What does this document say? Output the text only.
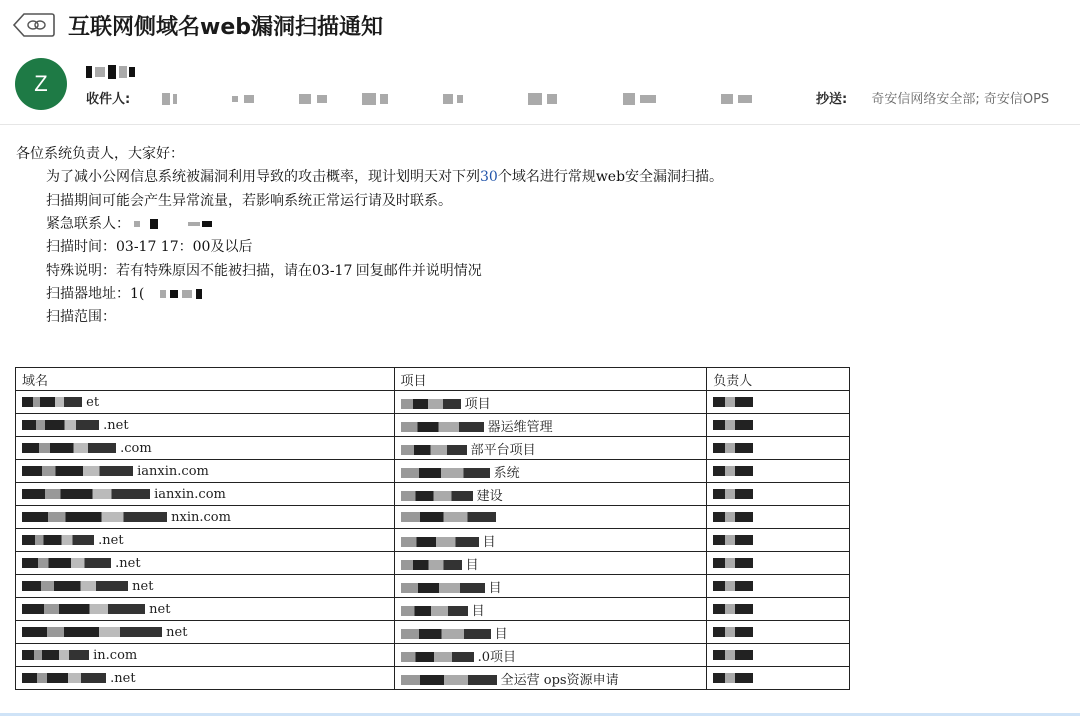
互联网侧域名web漏洞扫描通知
Z
收件人:
	抄送: 奇安信网络安全部; 奇安信OPS
各位系统负责人，大家好：
为了减小公网信息系统被漏洞利用导致的攻击概率，现计划明天对下列30个域名进行常规web安全漏洞扫描。
扫描期间可能会产生异常流量，若影响系统正常运行请及时联系。
紧急联系人：
扫描时间：03-17 17：00及以后
特殊说明：若有特殊原因不能被扫描，请在03-17 回复邮件并说明情况
扫描器地址：1(
扫描范围：
域名	项目	负责人
et	项目	
.net	器运维管理	
.com	部平台项目	
ianxin.com	系统	
ianxin.com	建设	
nxin.com		
.net	目	
.net	目	
net	目	
net	目	
net	目	
in.com	.0项目	
.net	全运营 ops资源申请	
